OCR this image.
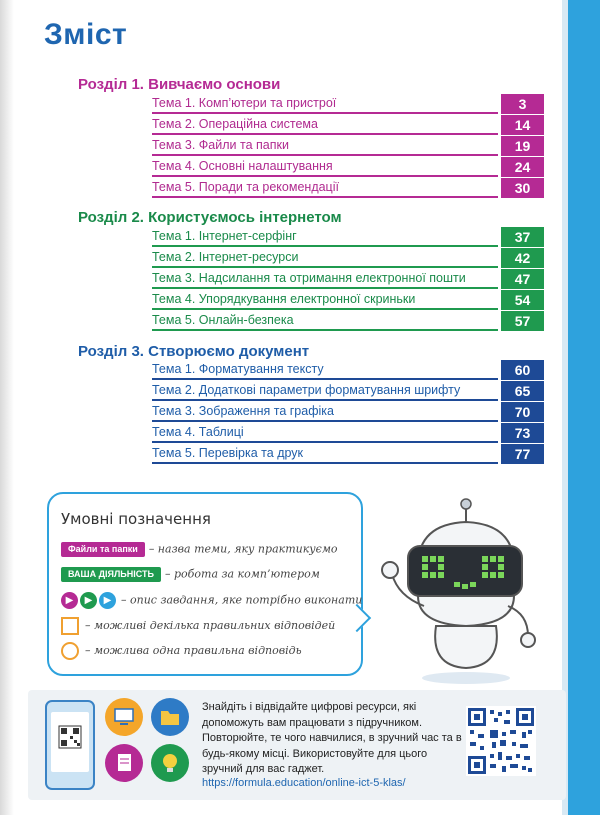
Зміст
Розділ 1. Вивчаємо основи
Тема 1. Комп’ютери та пристрої	3
Тема 2. Операційна система	14
Тема 3. Файли та папки	19
Тема 4. Основні налаштування	24
Тема 5. Поради та рекомендації	30
Розділ 2. Користуємось інтернетом
Тема 1. Інтернет-серфінг	37
Тема 2. Інтернет-ресурси	42
Тема 3. Надсилання та отримання електронної пошти	47
Тема 4. Упорядкування електронної скриньки	54
Тема 5. Онлайн-безпека	57
Розділ 3. Створюємо документ
Тема 1. Форматування тексту	60
Тема 2. Додаткові параметри форматування шрифту	65
Тема 3. Зображення та графіка	70
Тема 4. Таблиці	73
Тема 5. Перевірка та друк	77
Умовні позначення
Файли та папки – назва теми, яку практикуємо
ВАША ДІЯЛЬНІСТЬ – робота за комп’ютером
▶ ▶ ▶ – опис завдання, яке потрібно виконати
– можливі декілька правильних відповідей
– можлива одна правильна відповідь
Знайдіть і відвідайте цифрові ресурси, які допоможуть вам працювати з підручником. Повторюйте, те чого навчилися, в зручний час та в будь-якому місці. Використовуйте для цього зручний для вас гаджет.
https://formula.education/online-ict-5-klas/
